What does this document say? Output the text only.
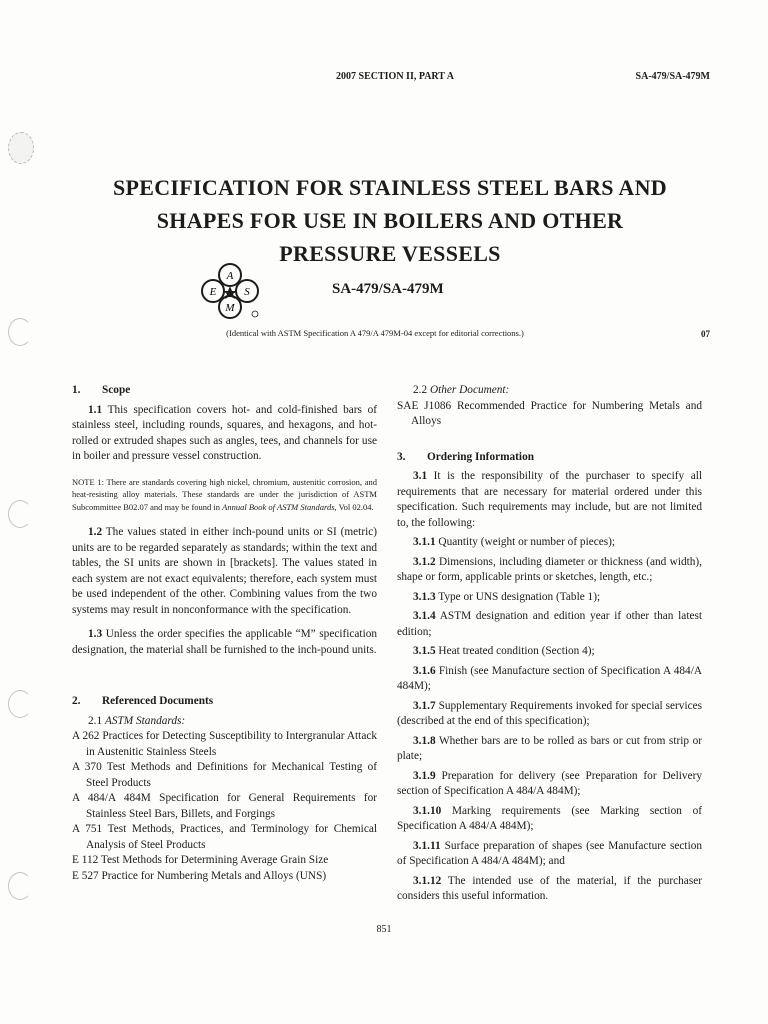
2007 SECTION II, PART A	SA-479/SA-479M
SPECIFICATION FOR STAINLESS STEEL BARS AND
SHAPES FOR USE IN BOILERS AND OTHER
PRESSURE VESSELS
A
E	S
M
SA-479/SA-479M
(Identical with ASTM Specification A 479/A 479M-04 except for editorial corrections.)	07
1. Scope

1.1 This specification covers hot- and cold-finished bars of stainless steel, including rounds, squares, and hexagons, and hot-rolled or extruded shapes such as angles, tees, and channels for use in boiler and pressure vessel construction.

NOTE 1: There are standards covering high nickel, chromium, austenitic corrosion, and heat-resisting alloy materials. These standards are under the jurisdiction of ASTM Subcommittee B02.07 and may be found in Annual Book of ASTM Standards, Vol 02.04.

1.2 The values stated in either inch-pound units or SI (metric) units are to be regarded separately as standards; within the text and tables, the SI units are shown in [brackets]. The values stated in each system are not exact equivalents; therefore, each system must be used independent of the other. Combining values from the two systems may result in nonconformance with the specification.

1.3 Unless the order specifies the applicable “M” specification designation, the material shall be furnished to the inch-pound units.

2. Referenced Documents

2.1 ASTM Standards:

A 262 Practices for Detecting Susceptibility to Intergranular Attack in Austenitic Stainless Steels

A 370 Test Methods and Definitions for Mechanical Testing of Steel Products

A 484/A 484M Specification for General Requirements for Stainless Steel Bars, Billets, and Forgings

A 751 Test Methods, Practices, and Terminology for Chemical Analysis of Steel Products

E 112 Test Methods for Determining Average Grain Size

E 527 Practice for Numbering Metals and Alloys (UNS)

2.2 Other Document:

SAE J1086 Recommended Practice for Numbering Metals and Alloys

3. Ordering Information

3.1 It is the responsibility of the purchaser to specify all requirements that are necessary for material ordered under this specification. Such requirements may include, but are not limited to, the following:

3.1.1 Quantity (weight or number of pieces);

3.1.2 Dimensions, including diameter or thickness (and width), shape or form, applicable prints or sketches, length, etc.;

3.1.3 Type or UNS designation (Table 1);

3.1.4 ASTM designation and edition year if other than latest edition;

3.1.5 Heat treated condition (Section 4);

3.1.6 Finish (see Manufacture section of Specification A 484/A 484M);

3.1.7 Supplementary Requirements invoked for special services (described at the end of this specification);

3.1.8 Whether bars are to be rolled as bars or cut from strip or plate;

3.1.9 Preparation for delivery (see Preparation for Delivery section of Specification A 484/A 484M);

3.1.10 Marking requirements (see Marking section of Specification A 484/A 484M);

3.1.11 Surface preparation of shapes (see Manufacture section of Specification A 484/A 484M); and

3.1.12 The intended use of the material, if the purchaser considers this useful information.

851
